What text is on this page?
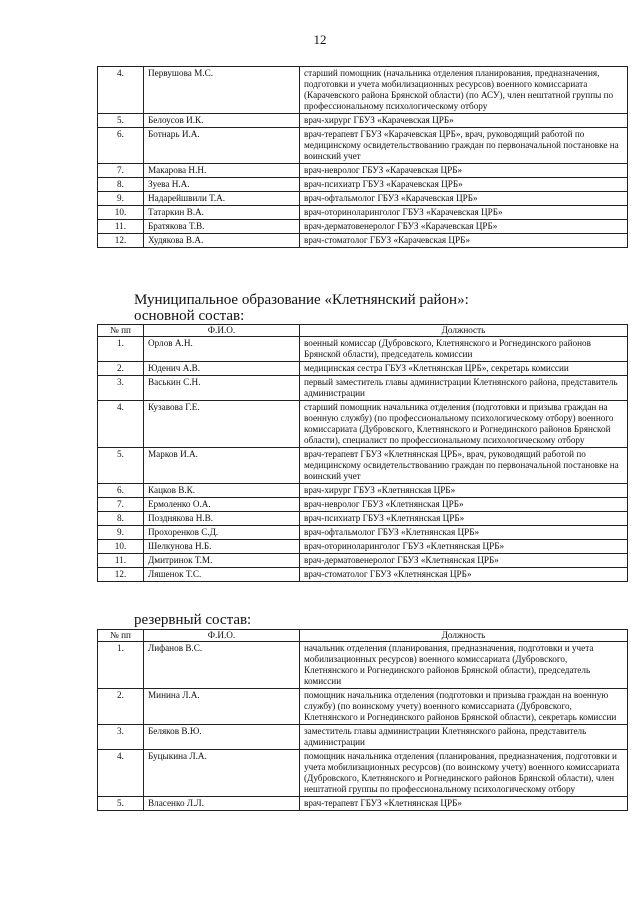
12
4.	Первушова М.С.	старший помощник (начальника отделения планирования, предназначения, подготовки и учета мобилизационных ресурсов) военного комиссариата (Карачевского района Брянской области) (по АСУ), член нештатной группы по профессиональному психологическому отбору
5.	Белоусов И.К.	врач-хирург ГБУЗ «Карачевская ЦРБ»
6.	Ботнарь И.А.	врач-терапевт ГБУЗ «Карачевская ЦРБ», врач, руководящий работой по медицинскому освидетельствованию граждан по первоначальной постановке на воинский учет
7.	Макарова Н.Н.	врач-невролог ГБУЗ «Карачевская ЦРБ»
8.	Зуева Н.А.	врач-психиатр ГБУЗ «Карачевская ЦРБ»
9.	Надарейшвили Т.А.	врач-офтальмолог ГБУЗ «Карачевская ЦРБ»
10.	Татаркин В.А.	врач-оториноларинголог ГБУЗ «Карачевская ЦРБ»
11.	Братякова Т.В.	врач-дерматовенеролог ГБУЗ «Карачевская ЦРБ»
12.	Худякова В.А.	врач-стоматолог ГБУЗ «Карачевская ЦРБ»
Муниципальное образование «Клетнянский район»:
основной состав:
№ пп	Ф.И.О.	Должность
1.	Орлов А.Н.	военный комиссар (Дубровского, Клетнянского и Рогнединского районов Брянской области), председатель комиссии
2.	Юденич А.В.	медицинская сестра ГБУЗ «Клетнянская ЦРБ», секретарь комиссии
3.	Васькин С.Н.	первый заместитель главы администрации Клетнянского района, представитель администрации
4.	Кузавова Г.Е.	старший помощник начальника отделения (подготовки и призыва граждан на военную службу) (по профессиональному психологическому отбору) военного комиссариата (Дубровского, Клетнянского и Рогнединского районов Брянской области), специалист по профессиональному психологическому отбору
5.	Марков И.А.	врач-терапевт ГБУЗ «Клетнянская ЦРБ», врач, руководящий работой по медицинскому освидетельствованию граждан по первоначальной постановке на воинский учет
6.	Кацков В.К.	врач-хирург ГБУЗ «Клетнянская ЦРБ»
7.	Ермоленко О.А.	врач-невролог ГБУЗ «Клетнянская ЦРБ»
8.	Позднякова Н.В.	врач-психиатр ГБУЗ «Клетнянская ЦРБ»
9.	Прохоренков С.Д.	врач-офтальмолог ГБУЗ «Клетнянская ЦРБ»
10.	Шелкунова Н.Б.	врач-оториноларинголог ГБУЗ «Клетнянская ЦРБ»
11.	Дмитринок Т.М.	врач-дерматовенеролог ГБУЗ «Клетнянская ЦРБ»
12.	Ляшенок Т.С.	врач-стоматолог ГБУЗ «Клетнянская ЦРБ»
резервный состав:
№ пп	Ф.И.О.	Должность
1.	Лифанов В.С.	начальник отделения (планирования, предназначения, подготовки и учета мобилизационных ресурсов) военного комиссариата (Дубровского, Клетнянского и Рогнединского районов Брянской области), председатель комиссии
2.	Минина Л.А.	помощник начальника отделения (подготовки и призыва граждан на военную службу) (по воинскому учету) военного комиссариата (Дубровского, Клетнянского и Рогнединского районов Брянской области), секретарь комиссии
3.	Беляков В.Ю.	заместитель главы администрации Клетнянского района, представитель администрации
4.	Буцыкина Л.А.	помощник начальника отделения (планирования, предназначения, подготовки и учета мобилизационных ресурсов) (по воинскому учету) военного комиссариата (Дубровского, Клетнянского и Рогнединского районов Брянской области), член нештатной группы по профессиональному психологическому отбору
5.	Власенко Л.Л.	врач-терапевт ГБУЗ «Клетнянская ЦРБ»
